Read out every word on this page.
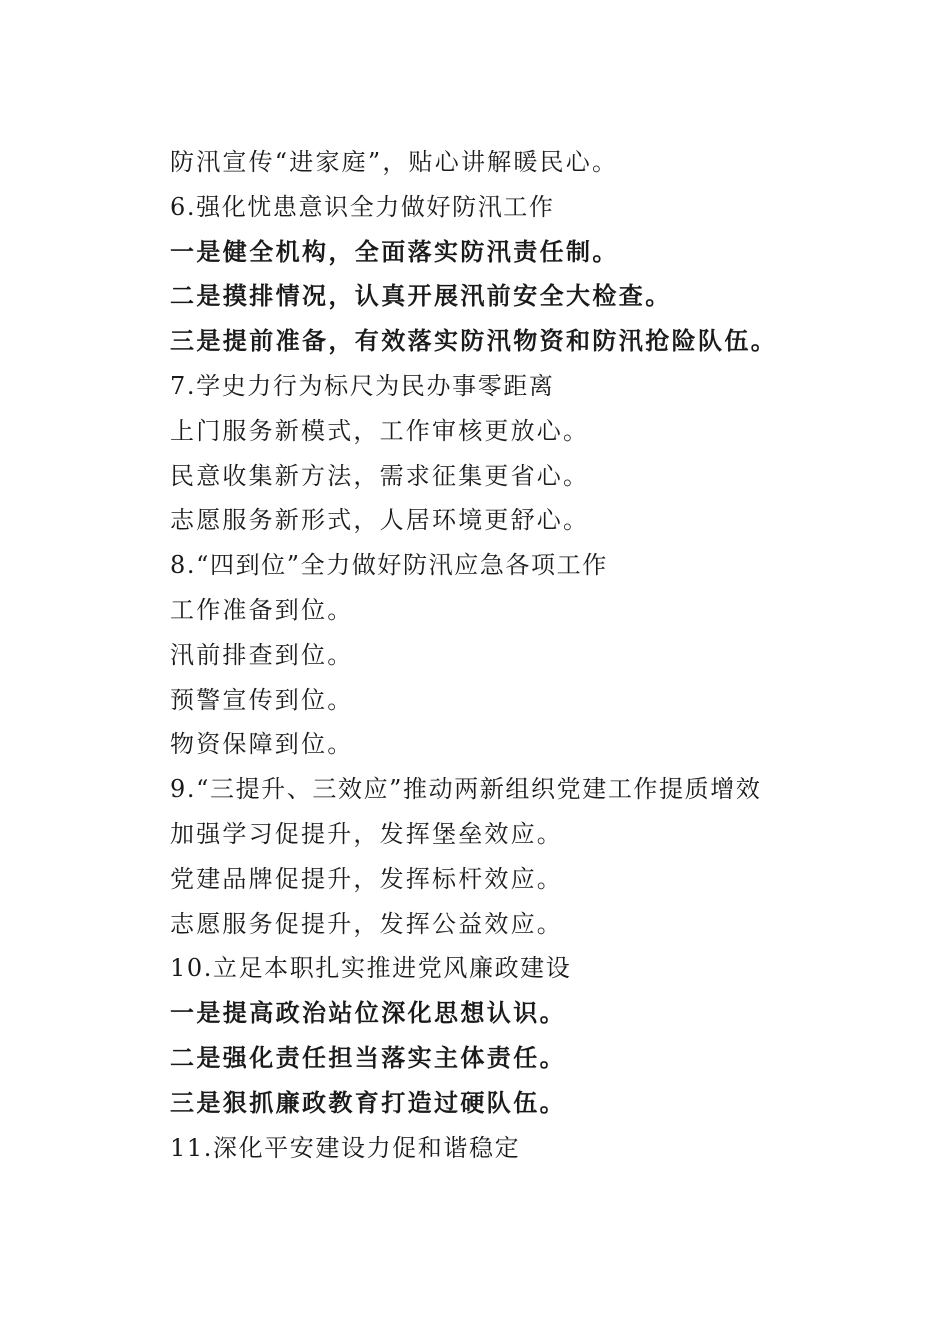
防汛宣传“进家庭”，贴心讲解暖民心。
6.强化忧患意识全力做好防汛工作
一是健全机构，全面落实防汛责任制。
二是摸排情况，认真开展汛前安全大检查。
三是提前准备，有效落实防汛物资和防汛抢险队伍。
7.学史力行为标尺为民办事零距离
上门服务新模式，工作审核更放心。
民意收集新方法，需求征集更省心。
志愿服务新形式，人居环境更舒心。
8.“四到位”全力做好防汛应急各项工作
工作准备到位。
汛前排查到位。
预警宣传到位。
物资保障到位。
9.“三提升、三效应”推动两新组织党建工作提质增效
加强学习促提升，发挥堡垒效应。
党建品牌促提升，发挥标杆效应。
志愿服务促提升，发挥公益效应。
10.立足本职扎实推进党风廉政建设
一是提高政治站位深化思想认识。
二是强化责任担当落实主体责任。
三是狠抓廉政教育打造过硬队伍。
11.深化平安建设力促和谐稳定
